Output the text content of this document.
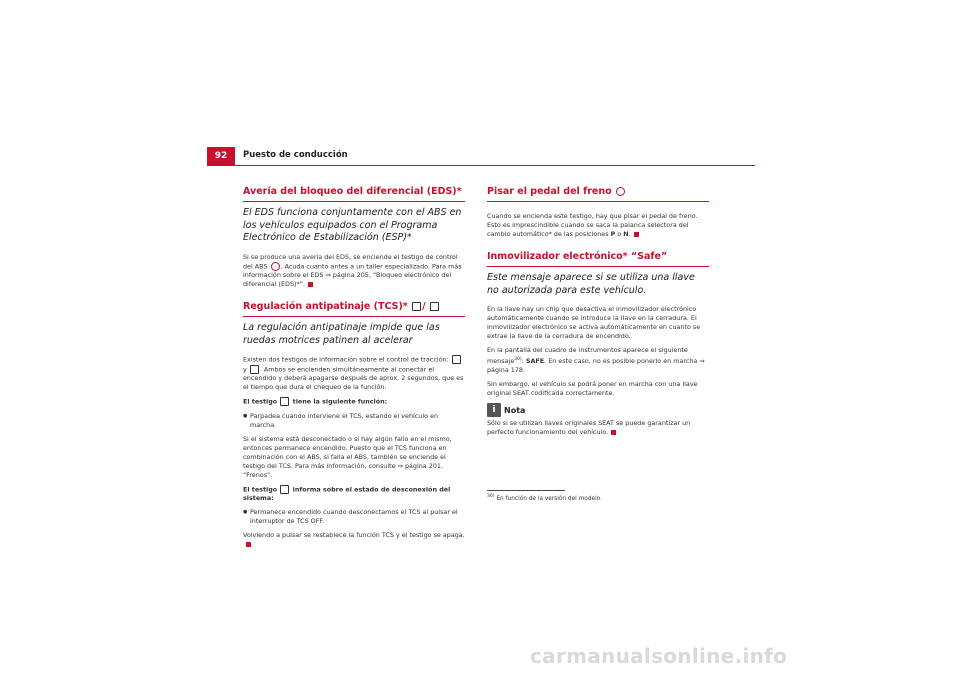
92	Puesto de conducción
Avería del bloqueo del diferencial (EDS)*
El EDS funciona conjuntamente con el ABS en los vehículos equipados con el Programa Electrónico de Estabilización (ESP)*

Si se produce una avería del EDS, se enciende el testigo de control del ABS . Acuda cuanto antes a un taller especializado. Para más información sobre el EDS ⇒ página 205, “Bloqueo electrónico del diferencial (EDS)*”.

Regulación antipatinaje (TCS)* /
La regulación antipatinaje impide que las ruedas motrices patinen al acelerar

Existen dos testigos de información sobre el control de tracción:  y . Ambos se encienden simultáneamente al conectar el encendido y deberá apagarse después de aprox. 2 segundos, que es el tiempo que dura el chequeo de la función.

El testigo tiene la siguiente función:

● Parpadea cuando interviene el TCS, estando el vehículo en marcha.

Si el sistema está desconectado o si hay algún fallo en el mismo, entonces permanece encendido. Puesto que el TCS funciona en combinación con el ABS, si falla el ABS, también se enciende el testigo del TCS. Para más información, consulte ⇒ página 201, “Frenos”.

El testigo informa sobre el estado de desconexión del sistema:

● Permanece encendido cuando desconectamos el TCS al pulsar el interruptor de TCS OFF.

Volviendo a pulsar se restablece la función TCS y el testigo se apaga.

Pisar el pedal del freno

Cuando se encienda este testigo, hay que pisar el pedal de freno. Esto es imprescindible cuando se saca la palanca selectora del cambio automático* de las posiciones P o N.

Inmovilizador electrónico* “Safe”
Este mensaje aparece si se utiliza una llave no autorizada para este vehículo.

En la llave hay un chip que desactiva el inmovilizador electrónico automáticamente cuando se introduce la llave en la cerradura. El inmovilizador electrónico se activa automáticamente en cuanto se extrae la llave de la cerradura de encendido.

En la pantalla del cuadro de instrumentos aparece el siguiente mensaje$^{30)}$: SAFE. En este caso, no es posible ponerlo en marcha ⇒ página 178.

Sin embargo, el vehículo se podrá poner en marcha con una llave original SEAT codificada correctamente.

i	Nota

Sólo si se utilizan llaves originales SEAT se puede garantizar un perfecto funcionamiento del vehículo.

$^{30)}$ En función de la versión del modelo.
carmanualsonline.info
